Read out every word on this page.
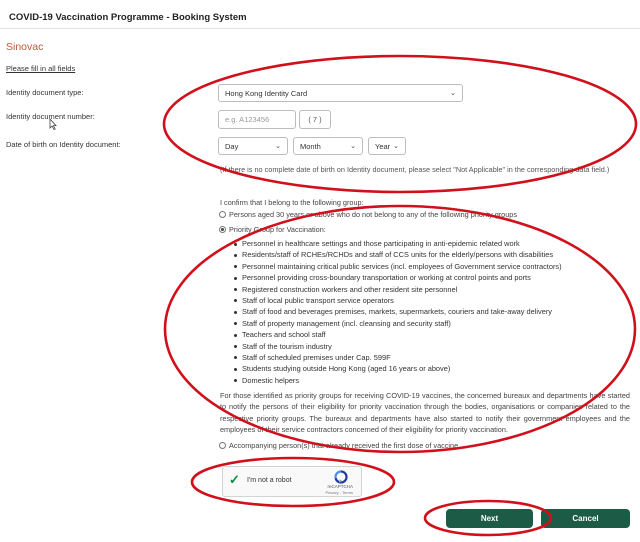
COVID-19 Vaccination Programme - Booking System
Sinovac
Please fill in all fields
Identity document type:	Hong Kong Identity Card	⌄
Identity document number:	e.g. A123456	( 7 )
Date of birth on Identity document:	Day	⌄	Month	⌄	Year ⌄
(If there is no complete date of birth on Identity document, please select "Not Applicable" in the corresponding data field.)
I confirm that I belong to the following group:
Persons aged 30 years or above who do not belong to any of the following priority groups
Priority Group for Vaccination:
Personnel in healthcare settings and those participating in anti-epidemic related work
Residents/staff of RCHEs/RCHDs and staff of CCS units for the elderly/persons with disabilities
Personnel maintaining critical public services (incl. employees of Government service contractors)
Personnel providing cross-boundary transportation or working at control points and ports
Registered construction workers and other resident site personnel
Staff of local public transport service operators
Staff of food and beverages premises, markets, supermarkets, couriers and take-away delivery
Staff of property management (incl. cleansing and security staff)
Teachers and school staff
Staff of the tourism industry
Staff of scheduled premises under Cap. 599F
Students studying outside Hong Kong (aged 16 years or above)
Domestic helpers
For those identified as priority groups for receiving COVID-19 vaccines, the concerned bureaux and departments have started to notify the persons of their eligibility for priority vaccination through the bodies, organisations or companies related to the respective priority groups. The bureaux and departments have also started to notify their government employees and the employees of their service contractors concerned of their eligibility for priority vaccination.
Accompanying person(s) that already received the first dose of vaccine
✓ I'm not a robot
reCAPTCHA
Privacy - Terms
Next	Cancel
